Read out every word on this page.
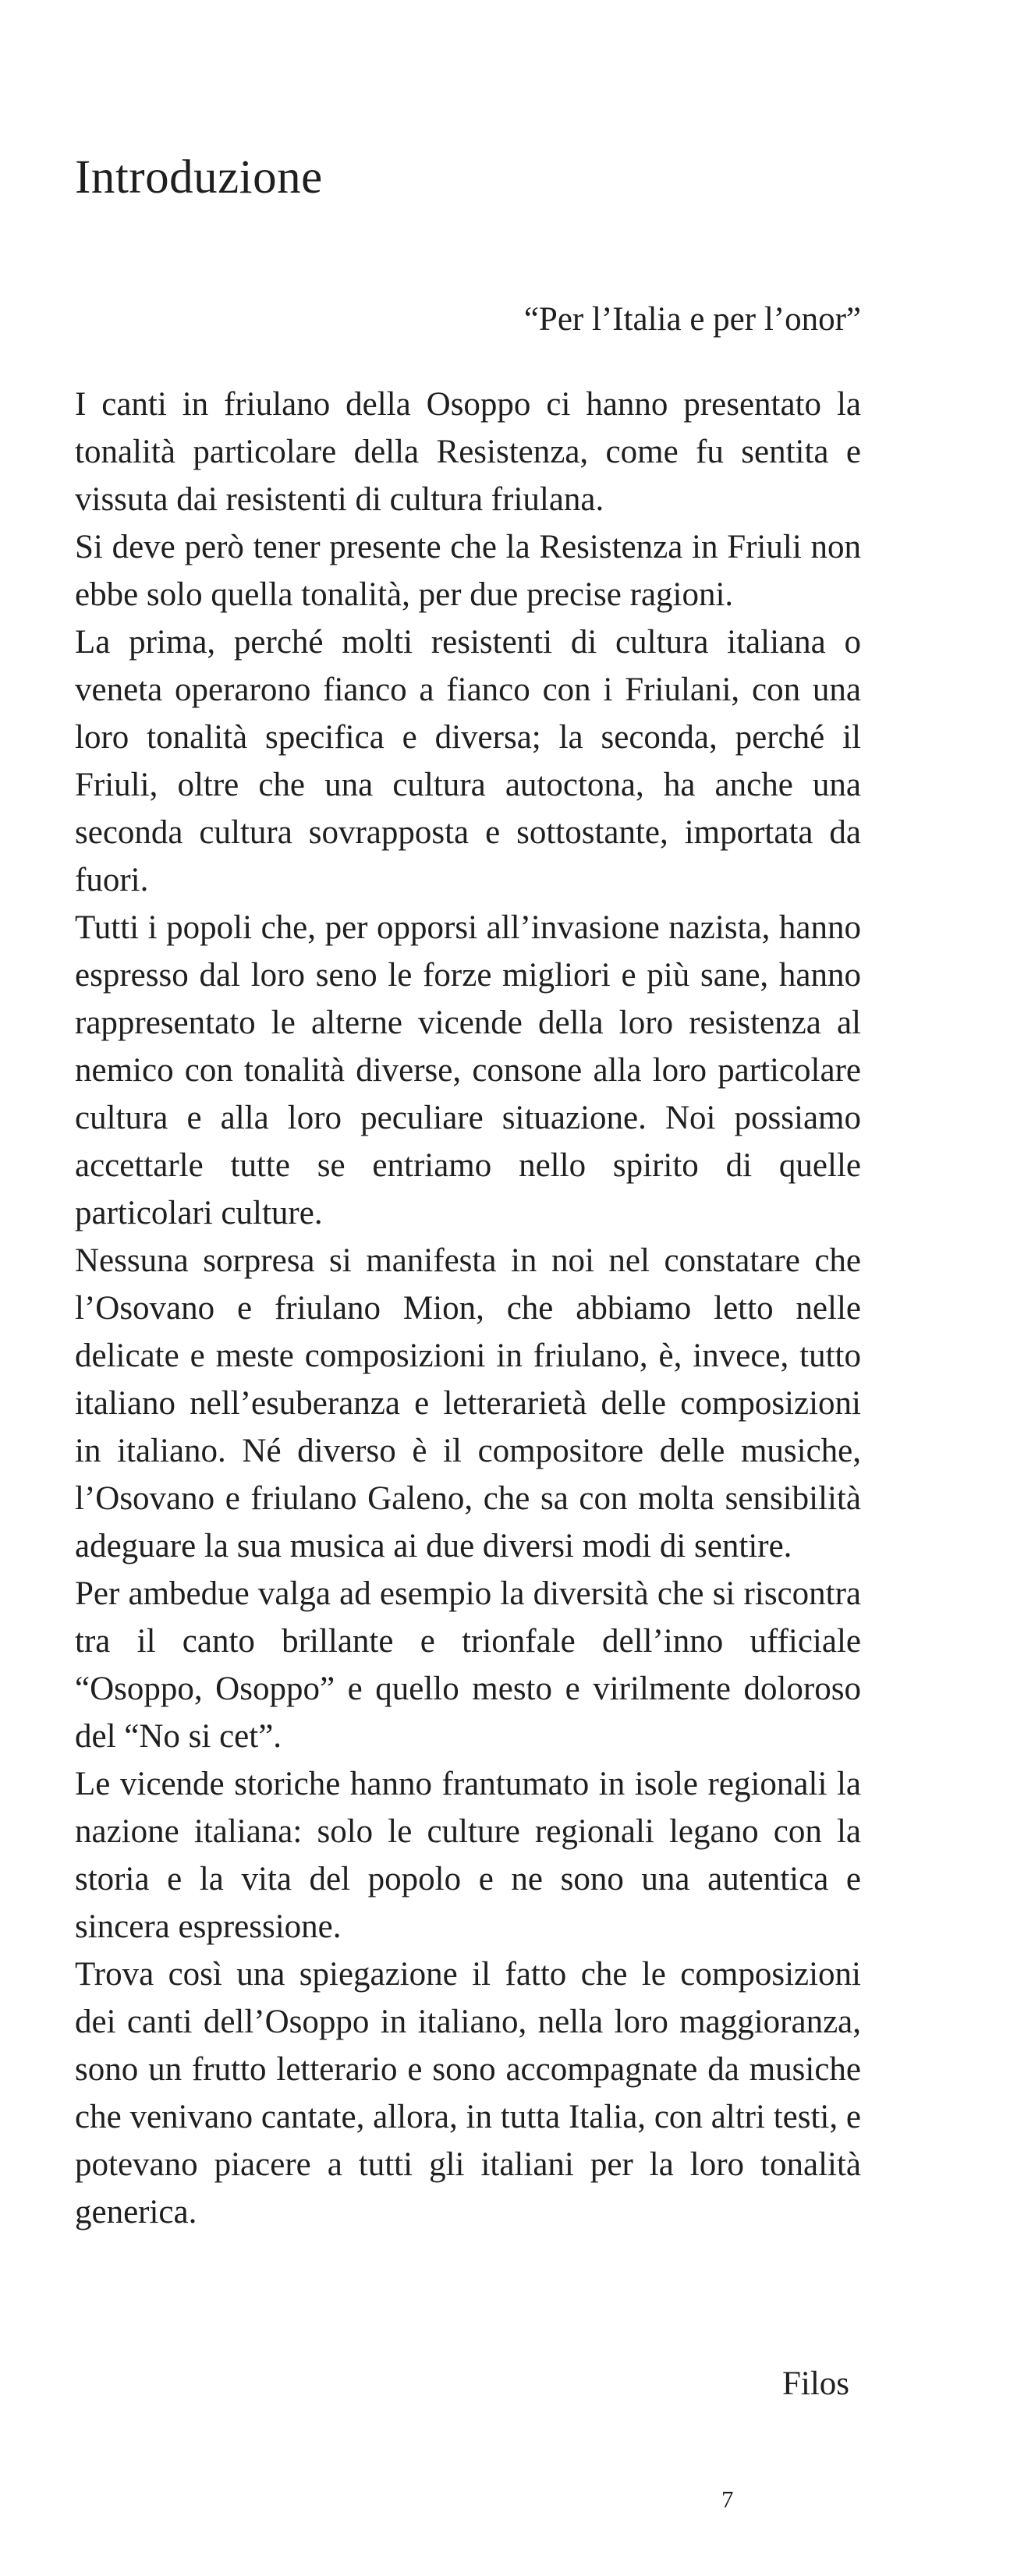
Introduzione

“Per l’Italia e per l’onor”

I canti in friulano della Osoppo ci hanno presentato la tonalità particolare della Resistenza, come fu sentita e vissuta dai resistenti di cultura friulana.

Si deve però tener presente che la Resistenza in Friuli non ebbe solo quella tonalità, per due precise ragioni.

La prima, perché molti resistenti di cultura italiana o veneta operarono fianco a fianco con i Friulani, con una loro tonalità specifica e diversa; la seconda, perché il Friuli, oltre che una cultura autoctona, ha anche una seconda cultura sovrapposta e sottostante, importata da fuori.

Tutti i popoli che, per opporsi all’invasione nazista, hanno espresso dal loro seno le forze migliori e più sane, hanno rappresentato le alterne vicende della loro resistenza al nemico con tonalità diverse, consone alla loro particolare cultura e alla loro peculiare situazione. Noi possiamo accettarle tutte se entriamo nello spirito di quelle particolari culture.

Nessuna sorpresa si manifesta in noi nel constatare che l’Osovano e friulano Mion, che abbiamo letto nelle delicate e meste composizioni in friulano, è, invece, tutto italiano nell’esuberanza e letterarietà delle composizioni in italiano. Né diverso è il compositore delle musiche, l’Osovano e friulano Galeno, che sa con molta sensibilità adeguare la sua musica ai due diversi modi di sentire.

Per ambedue valga ad esempio la diversità che si riscontra tra il canto brillante e trionfale dell’inno ufficiale “Osoppo, Osoppo” e quello mesto e virilmente doloroso del “No si cet”.

Le vicende storiche hanno frantumato in isole regionali la nazione italiana: solo le culture regionali legano con la storia e la vita del popolo e ne sono una autentica e sincera espressione.

Trova così una spiegazione il fatto che le composizioni dei canti dell’Osoppo in italiano, nella loro maggioranza, sono un frutto letterario e sono accompagnate da musiche che venivano cantate, allora, in tutta Italia, con altri testi, e potevano piacere a tutti gli italiani per la loro tonalità generica.

Filos

7
